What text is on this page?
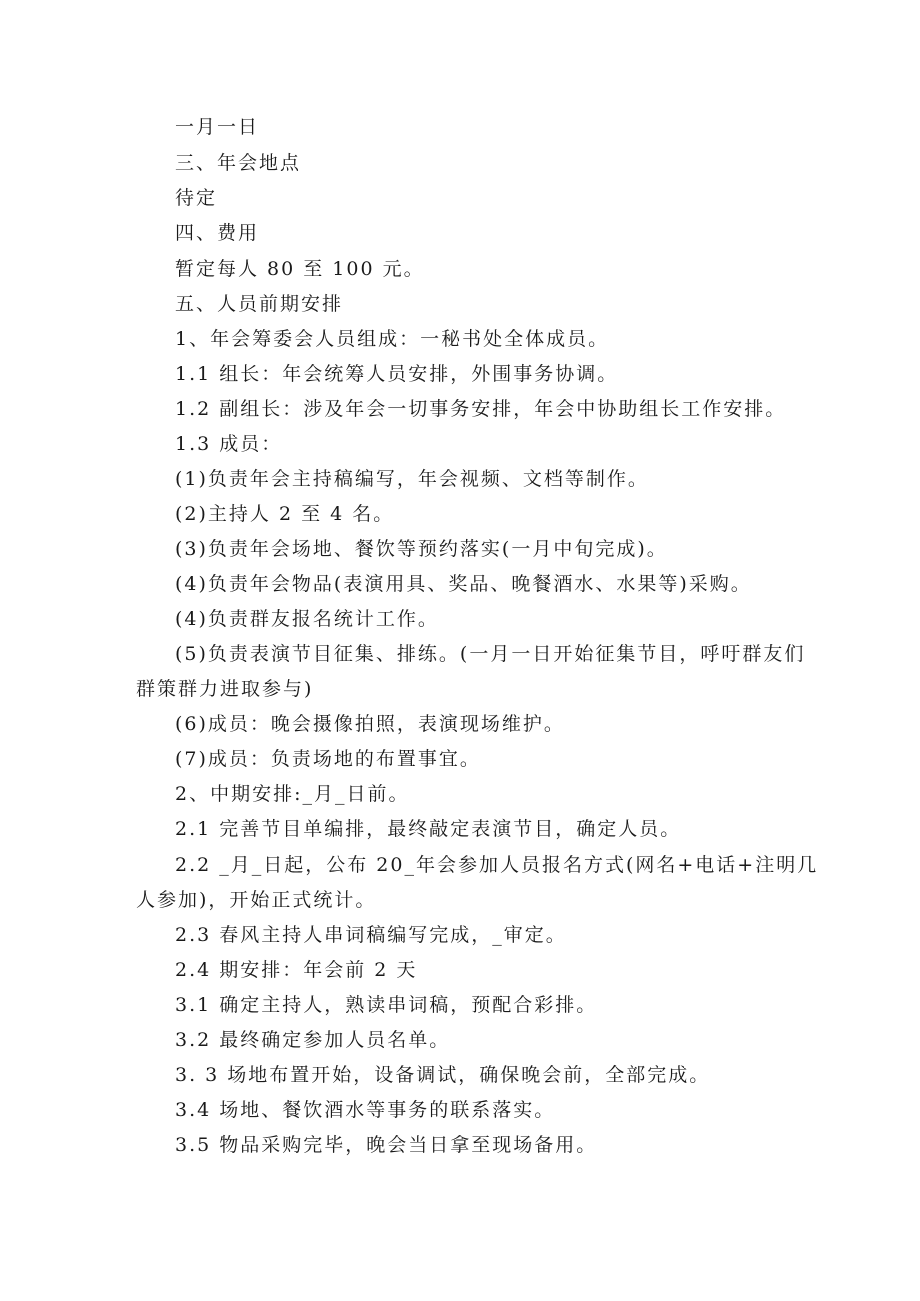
一月一日
三、年会地点
待定
四、费用
暂定每人 80 至 100 元。
五、人员前期安排
1、年会筹委会人员组成：一秘书处全体成员。
1.1 组长：年会统筹人员安排，外围事务协调。
1.2 副组长：涉及年会一切事务安排，年会中协助组长工作安排。
1.3 成员：
(1)负责年会主持稿编写，年会视频、文档等制作。
(2)主持人 2 至 4 名。
(3)负责年会场地、餐饮等预约落实(一月中旬完成)。
(4)负责年会物品(表演用具、奖品、晚餐酒水、水果等)采购。
(4)负责群友报名统计工作。
(5)负责表演节目征集、排练。(一月一日开始征集节目，呼吁群友们
群策群力进取参与)
(6)成员：晚会摄像拍照，表演现场维护。
(7)成员：负责场地的布置事宜。
2、中期安排:_月_日前。
2.1 完善节目单编排，最终敲定表演节目，确定人员。
2.2 _月_日起，公布 20_年会参加人员报名方式(网名+电话+注明几
人参加)，开始正式统计。
2.3 春风主持人串词稿编写完成，_审定。
2.4 期安排：年会前 2 天
3.1 确定主持人，熟读串词稿，预配合彩排。
3.2 最终确定参加人员名单。
3. 3 场地布置开始，设备调试，确保晚会前，全部完成。
3.4 场地、餐饮酒水等事务的联系落实。
3.5 物品采购完毕，晚会当日拿至现场备用。
